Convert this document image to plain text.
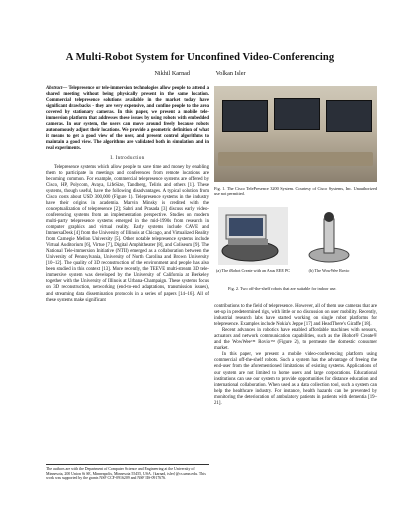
A Multi-Robot System for Unconfined Video-Conferencing
Nikhil Karnad	Volkan Isler
Abstract— Telepresence or tele-immersion technologies allow people to attend a shared meeting without being physically present in the same location. Commercial telepresence solutions available in the market today have significant drawbacks - they are very expensive, and confine people to the area covered by stationary cameras. In this paper, we present a mobile tele-immersion platform that addresses these issues by using robots with embedded cameras. In our system, the users can move around freely because robots autonomously adjust their locations. We provide a geometric definition of what it means to get a good view of the user, and present control algorithms to maintain a good view. The algorithms are validated both in simulation and in real experiments.
I. Introduction

Telepresence systems which allow people to save time and money by enabling them to participate in meetings and conferences from remote locations are becoming common. For example, commercial telepresence systems are offered by Cisco, HP, Polycom, Avaya, LifeSize, Tandberg, Teliris and others [1]. These systems, though useful, have the following disadvantages. A typical solution from Cisco costs about USD 300,000 (Figure 1). Telepresence systems in the industry have their origins in academia. Marvin Minsky is credited with the conceptualization of telepresence [2]; Sabri and Prasada [3] discuss early video-conferencing systems from an implementation perspective. Studies on modern multi-party telepresence systems emerged in the mid-1990s from research in computer graphics and virtual reality. Early systems include CAVE and ImmersaDesk [4] from the University of Illinois at Chicago, and Virtualized Reality from Carnegie Mellon University [5]. Other notable telepresence systems include Virtual Auditorium [6], Virtue [7], Digital Amphitheater [8], and Coliseum [9]. The National Tele-immersion Initiative (NTII) emerged as a collaboration between the University of Pennsylvania, University of North Carolina and Brown University [10–12]. The quality of 3D reconstruction of the environment and people has also been studied in this context [13]. More recently, the TEEVE multi-stream 3D tele-immersive system was developed by the University of California at Berkeley together with the University of Illinois at Urbana-Champaign. These systems focus on 3D reconstruction, networking (end-to-end adaptations, transmission issues), and streaming data dissemination protocols in a series of papers [14–16]. All of these systems make significant

The authors are with the Department of Computer Science and Engineering at the University of Minnesota, 200 Union St SE, Minneapolis, Minnesota 55455, USA. {karnad, isler}@cs.umn.edu. This work was supported by the grants NSF CCF-0916209 and NSF IIS-0917676.
Fig. 1. The Cisco TelePresence 3200 System. Courtesy of Cisco Systems, Inc. Unauthorized use not permitted.
(a) The iRobot Create with an Asus EEE PC	(b) The WowWee Rovio
Fig. 2. Two off-the-shelf robots that are suitable for indoor use.

contributions to the field of telepresence. However, all of them use cameras that are set-up in predetermined rigs, with little or no discussion on user mobility. Recently, industrial research labs have started working on single robot platforms for telepresence. Examples include Nokia's Jeppe [17] and HeadThere's Giraffe [18].

Recent advances in robotics have enabled affordable machines with sensors, actuators and network communication capabilities, such as the iRobot® Create® and the WowWee™ Rovio™ (Figure 2), to permeate the domestic consumer market.

In this paper, we present a mobile video-conferencing platform using commercial off-the-shelf robots. Such a system has the advantage of freeing the end-user from the aforementioned limitations of existing systems. Applications of our system are not limited to home users and large corporations. Educational institutions can use our system to provide opportunities for distance education and international collaboration. When used as a data collection tool, such a system can help the healthcare industry. For instance, health hazards can be prevented by monitoring the deterioration of ambulatory patients in patients with dementia [19–21].
